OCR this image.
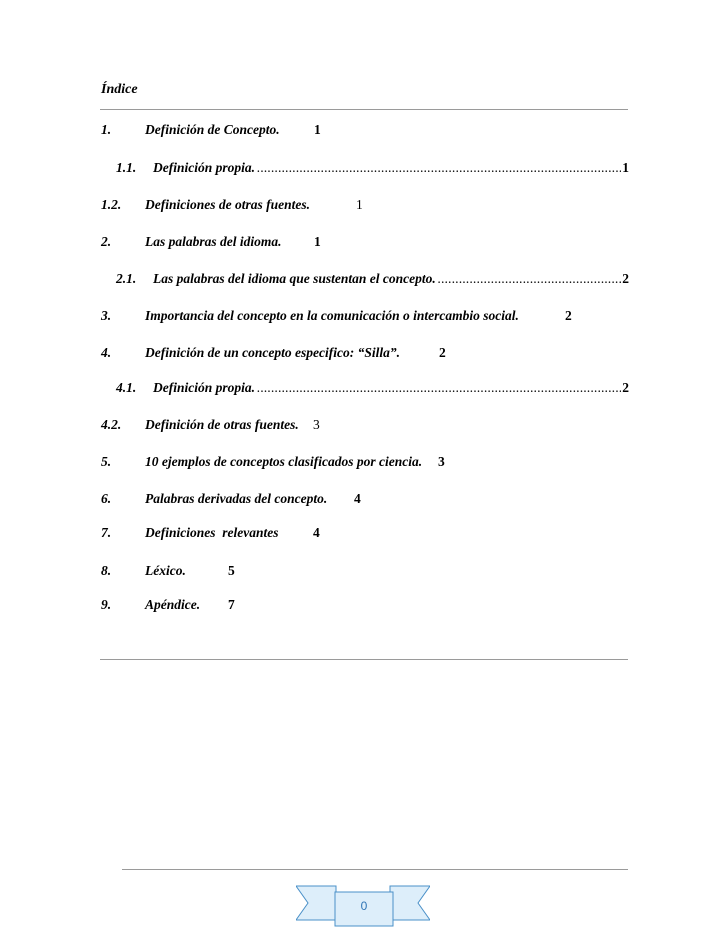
Índice
1.	Definición de Concepto.	1
1.1. Definición propia. . . .	1
1.2. Definiciones de otras fuentes.	1
2.	Las palabras del idioma. 1
2.1. Las palabras del idioma que sustentan el concepto. . . .	2
3.	Importancia del concepto en la comunicación o intercambio social.	2
4.	Definición de un concepto especifico: “Silla”.	2
4.1. Definición propia. . . .	2
4.2. Definición de otras fuentes. 3
5.	10 ejemplos de conceptos clasificados por ciencia. 3
6.	Palabras derivadas del concepto. 4
7.	Definiciones  relevantes	4
8.	Léxico.	5
9.	Apéndice. 7
0
